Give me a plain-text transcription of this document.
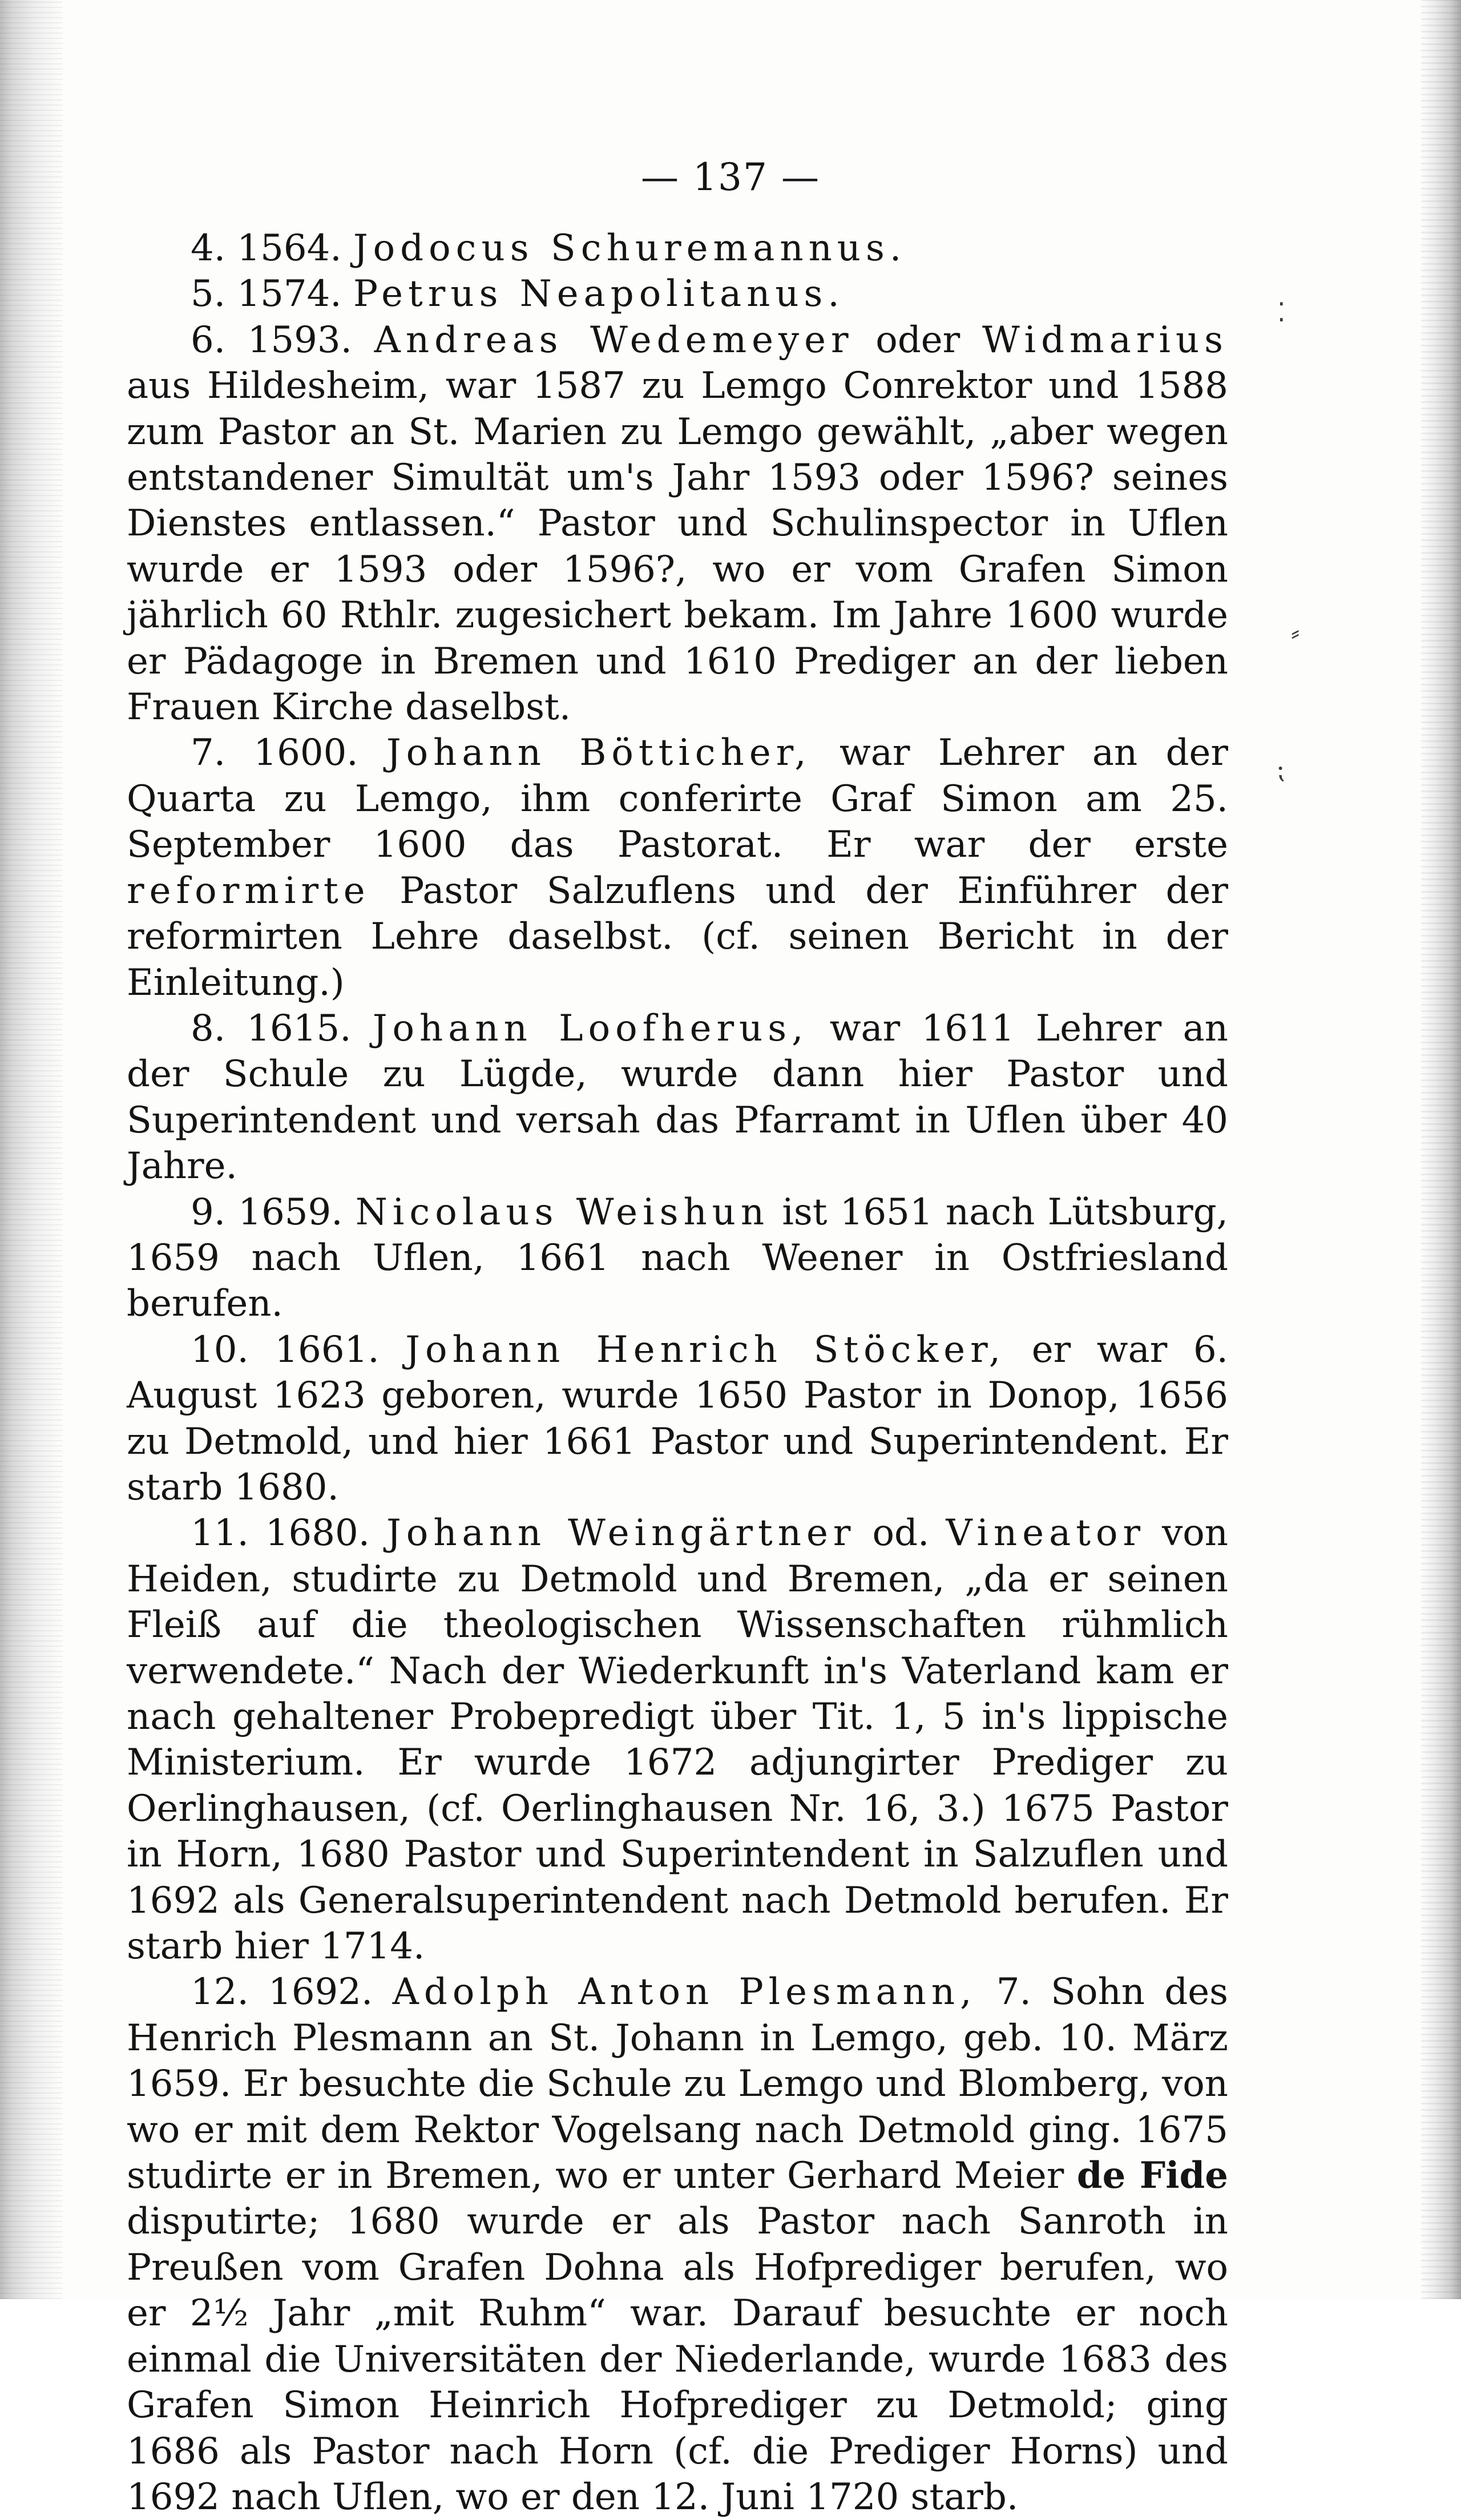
— 137 —
⁚
⸗
⁏

4. 1564. Jodocus Schuremannus.

5. 1574. Petrus Neapolitanus.

6. 1593. Andreas Wedemeyer oder Widmarius aus Hildesheim, war 1587 zu Lemgo Conrektor und 1588 zum Pastor an St. Marien zu Lemgo gewählt, „aber wegen entstandener Simultät um's Jahr 1593 oder 1596? seines Dienstes entlassen.“ Pastor und Schulinspector in Uflen wurde er 1593 oder 1596?, wo er vom Grafen Simon jährlich 60 Rthlr. zugesichert bekam. Im Jahre 1600 wurde er Pädagoge in Bremen und 1610 Prediger an der lieben Frauen Kirche daselbst.

7. 1600. Johann Bötticher, war Lehrer an der Quarta zu Lemgo, ihm conferirte Graf Simon am 25. September 1600 das Pastorat. Er war der erste reformirte Pastor Salzuflens und der Einführer der reformirten Lehre daselbst. (cf. seinen Bericht in der Einleitung.)

8. 1615. Johann Loofherus, war 1611 Lehrer an der Schule zu Lügde, wurde dann hier Pastor und Superintendent und versah das Pfarramt in Uflen über 40 Jahre.

9. 1659. Nicolaus Weishun ist 1651 nach Lütsburg, 1659 nach Uflen, 1661 nach Weener in Ostfriesland berufen.

10. 1661. Johann Henrich Stöcker, er war 6. August 1623 geboren, wurde 1650 Pastor in Donop, 1656 zu Detmold, und hier 1661 Pastor und Superintendent. Er starb 1680.

11. 1680. Johann Weingärtner od. Vineator von Heiden, studirte zu Detmold und Bremen, „da er seinen Fleiß auf die theologischen Wissenschaften rühmlich verwendete.“ Nach der Wiederkunft in's Vaterland kam er nach gehaltener Probepredigt über Tit. 1, 5 in's lippische Ministerium. Er wurde 1672 adjungirter Prediger zu Oerlinghausen, (cf. Oerlinghausen Nr. 16, 3.) 1675 Pastor in Horn, 1680 Pastor und Superintendent in Salzuflen und 1692 als Generalsuperintendent nach Detmold berufen. Er starb hier 1714.

12. 1692. Adolph Anton Plesmann, 7. Sohn des Henrich Plesmann an St. Johann in Lemgo, geb. 10. März 1659. Er besuchte die Schule zu Lemgo und Blomberg, von wo er mit dem Rektor Vogelsang nach Detmold ging. 1675 studirte er in Bremen, wo er unter Gerhard Meier de Fide disputirte; 1680 wurde er als Pastor nach Sanroth in Preußen vom Grafen Dohna als Hofprediger berufen, wo er 2½ Jahr „mit Ruhm“ war. Darauf besuchte er noch einmal die Universitäten der Niederlande, wurde 1683 des Grafen Simon Heinrich Hofprediger zu Detmold; ging 1686 als Pastor nach Horn (cf. die Prediger Horns) und 1692 nach Uflen, wo er den 12. Juni 1720 starb.
